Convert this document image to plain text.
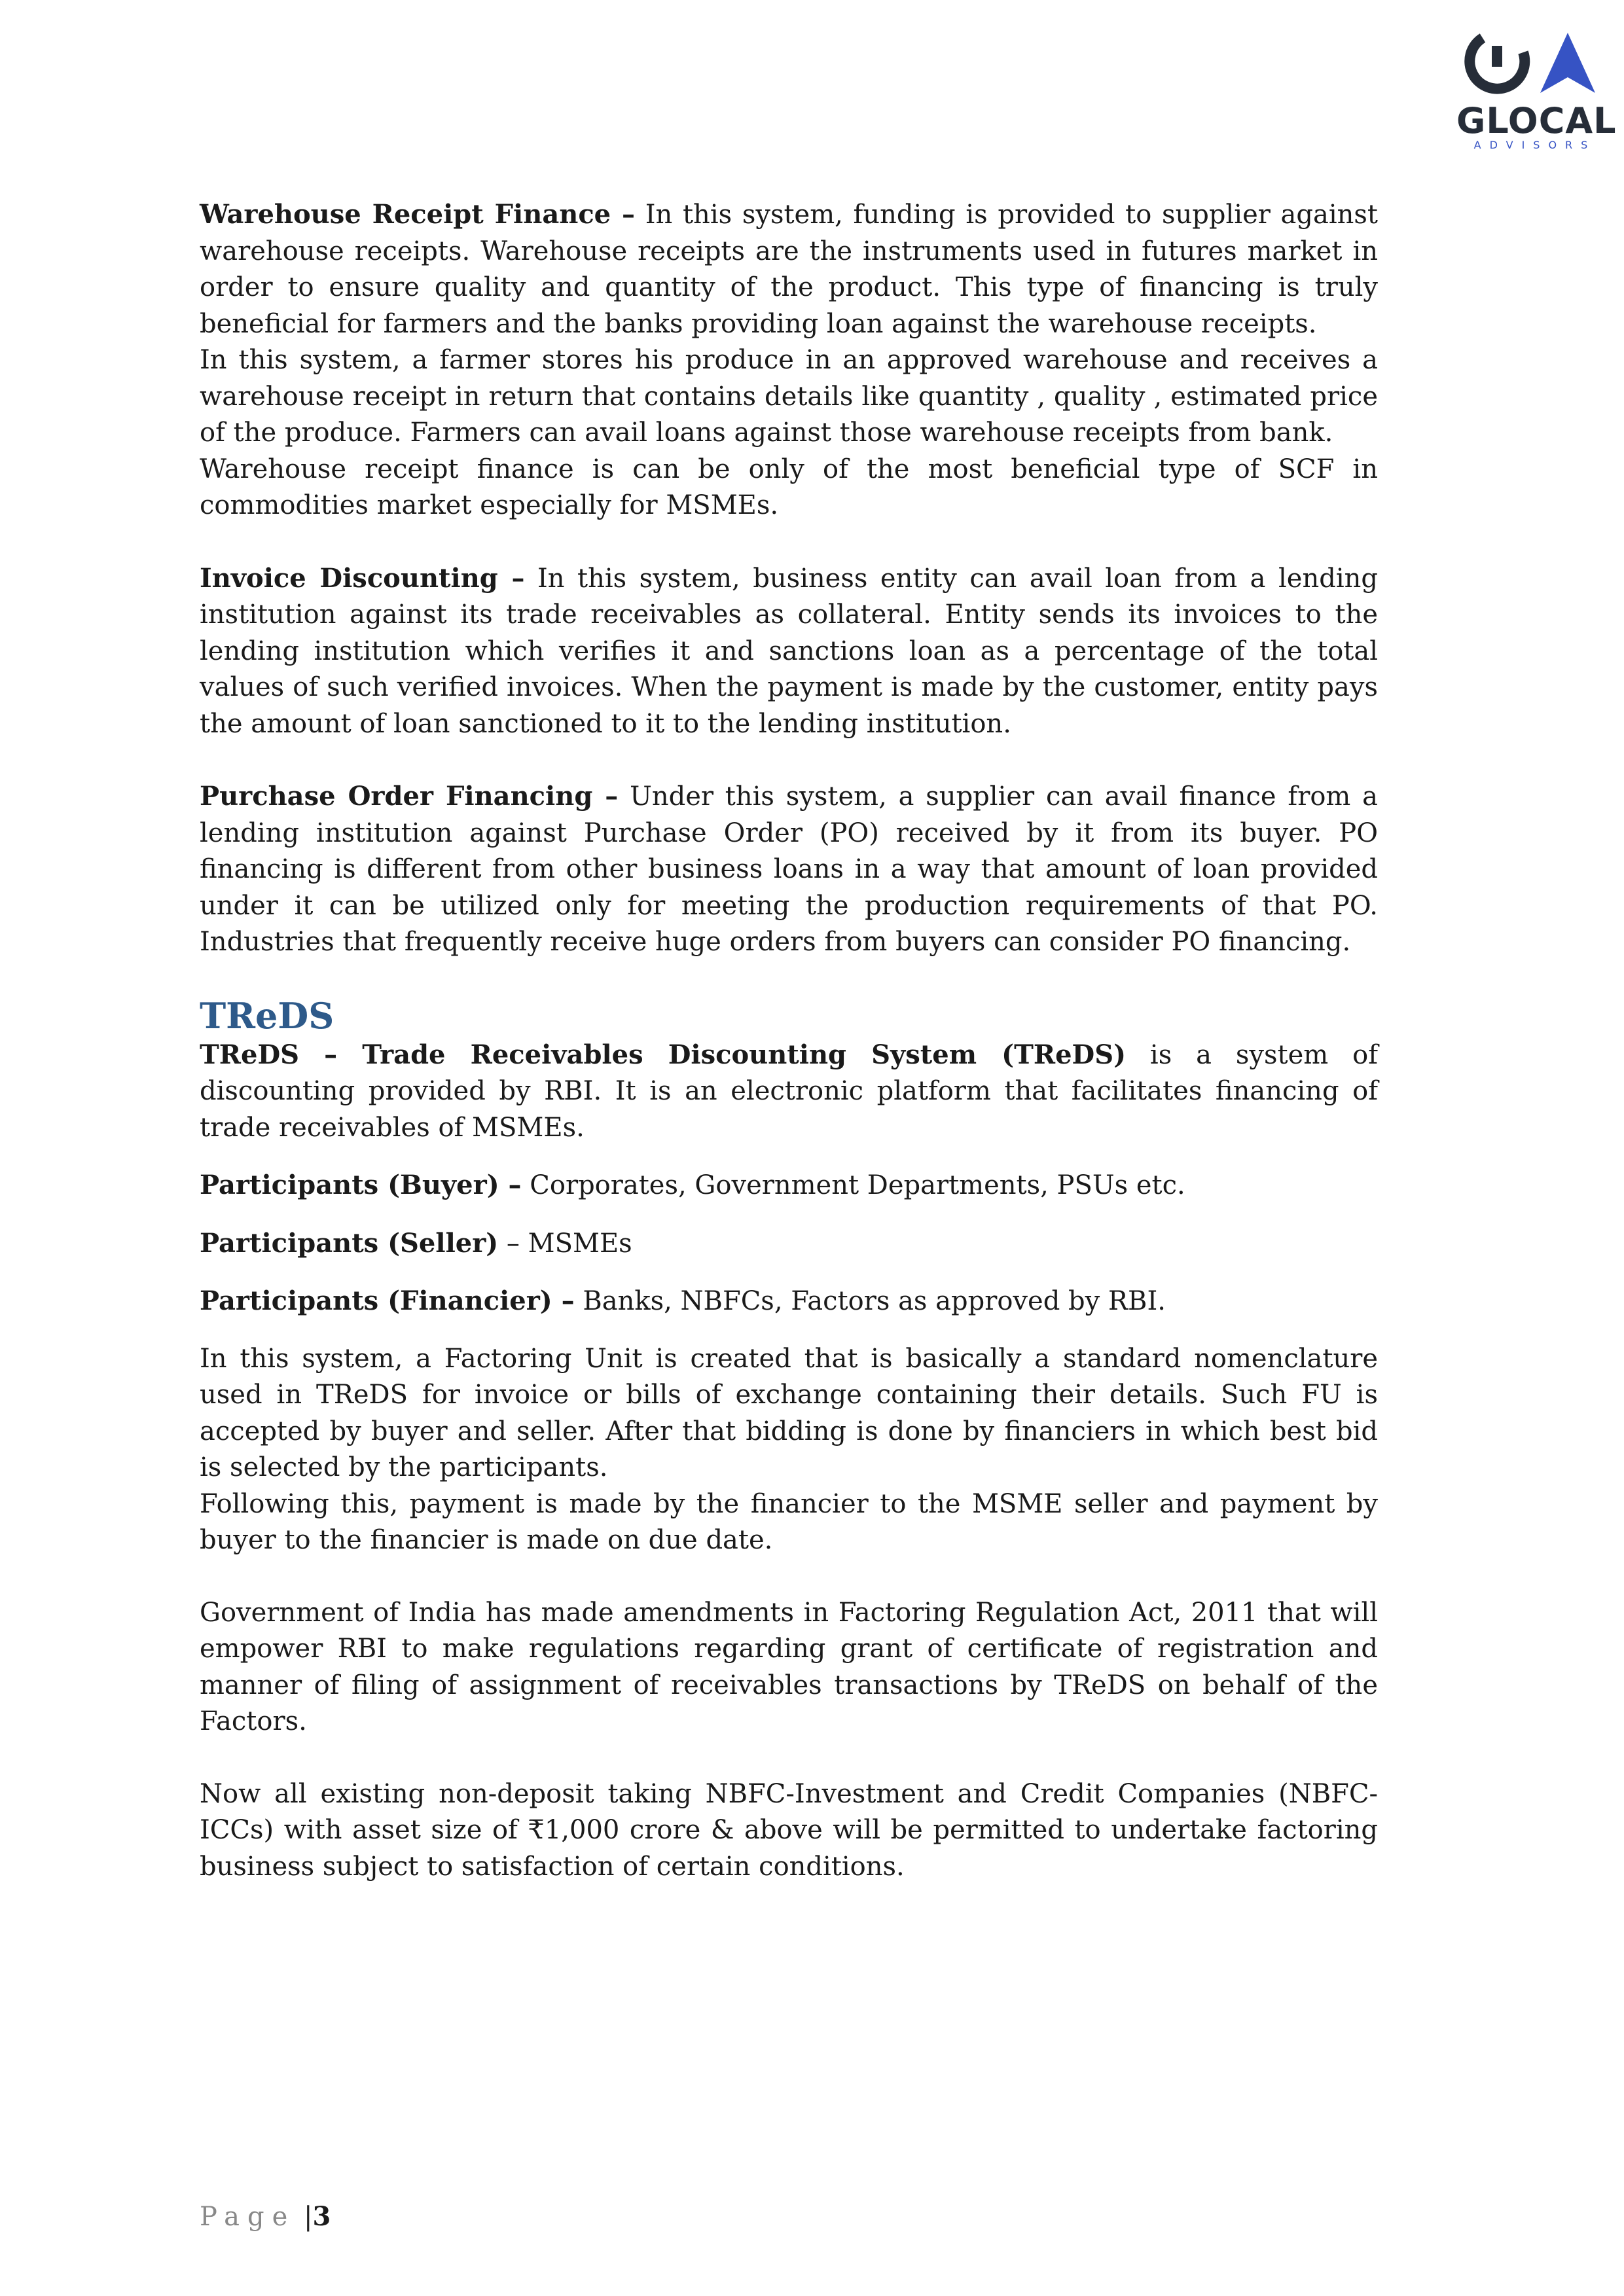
GLOCAL
ADVISORS

Warehouse Receipt Finance – In this system, funding is provided to supplier against warehouse receipts. Warehouse receipts are the instruments used in futures market in order to ensure quality and quantity of the product. This type of financing is truly beneficial for farmers and the banks providing loan against the warehouse receipts.

In this system, a farmer stores his produce in an approved warehouse and receives a warehouse receipt in return that contains details like quantity , quality , estimated price of the produce. Farmers can avail loans against those warehouse receipts from bank.

Warehouse receipt finance is can be only of the most beneficial type of SCF in commodities market especially for MSMEs.

Invoice Discounting – In this system, business entity can avail loan from a lending institution against its trade receivables as collateral. Entity sends its invoices to the lending institution which verifies it and sanctions loan as a percentage of the total values of such verified invoices. When the payment is made by the customer, entity pays the amount of loan sanctioned to it to the lending institution.

Purchase Order Financing – Under this system, a supplier can avail finance from a lending institution against Purchase Order (PO) received by it from its buyer. PO financing is different from other business loans in a way that amount of loan provided under it can be utilized only for meeting the production requirements of that PO. Industries that frequently receive huge orders from buyers can consider PO financing.

TReDS

TReDS – Trade Receivables Discounting System (TReDS) is a system of discounting provided by RBI. It is an electronic platform that facilitates financing of trade receivables of MSMEs.

Participants (Buyer) – Corporates, Government Departments, PSUs etc.

Participants (Seller) – MSMEs

Participants (Financier) – Banks, NBFCs, Factors as approved by RBI.

In this system, a Factoring Unit is created that is basically a standard nomenclature used in TReDS for invoice or bills of exchange containing their details. Such FU is accepted by buyer and seller. After that bidding is done by financiers in which best bid is selected by the participants.

Following this, payment is made by the financier to the MSME seller and payment by buyer to the financier is made on due date.

Government of India has made amendments in Factoring Regulation Act, 2011 that will empower RBI to make regulations regarding grant of certificate of registration and manner of filing of assignment of receivables transactions by TReDS on behalf of the Factors.

Now all existing non-deposit taking NBFC-Investment and Credit Companies (NBFC-ICCs) with asset size of ₹1,000 crore & above will be permitted to undertake factoring business subject to satisfaction of certain conditions.

Page |3
